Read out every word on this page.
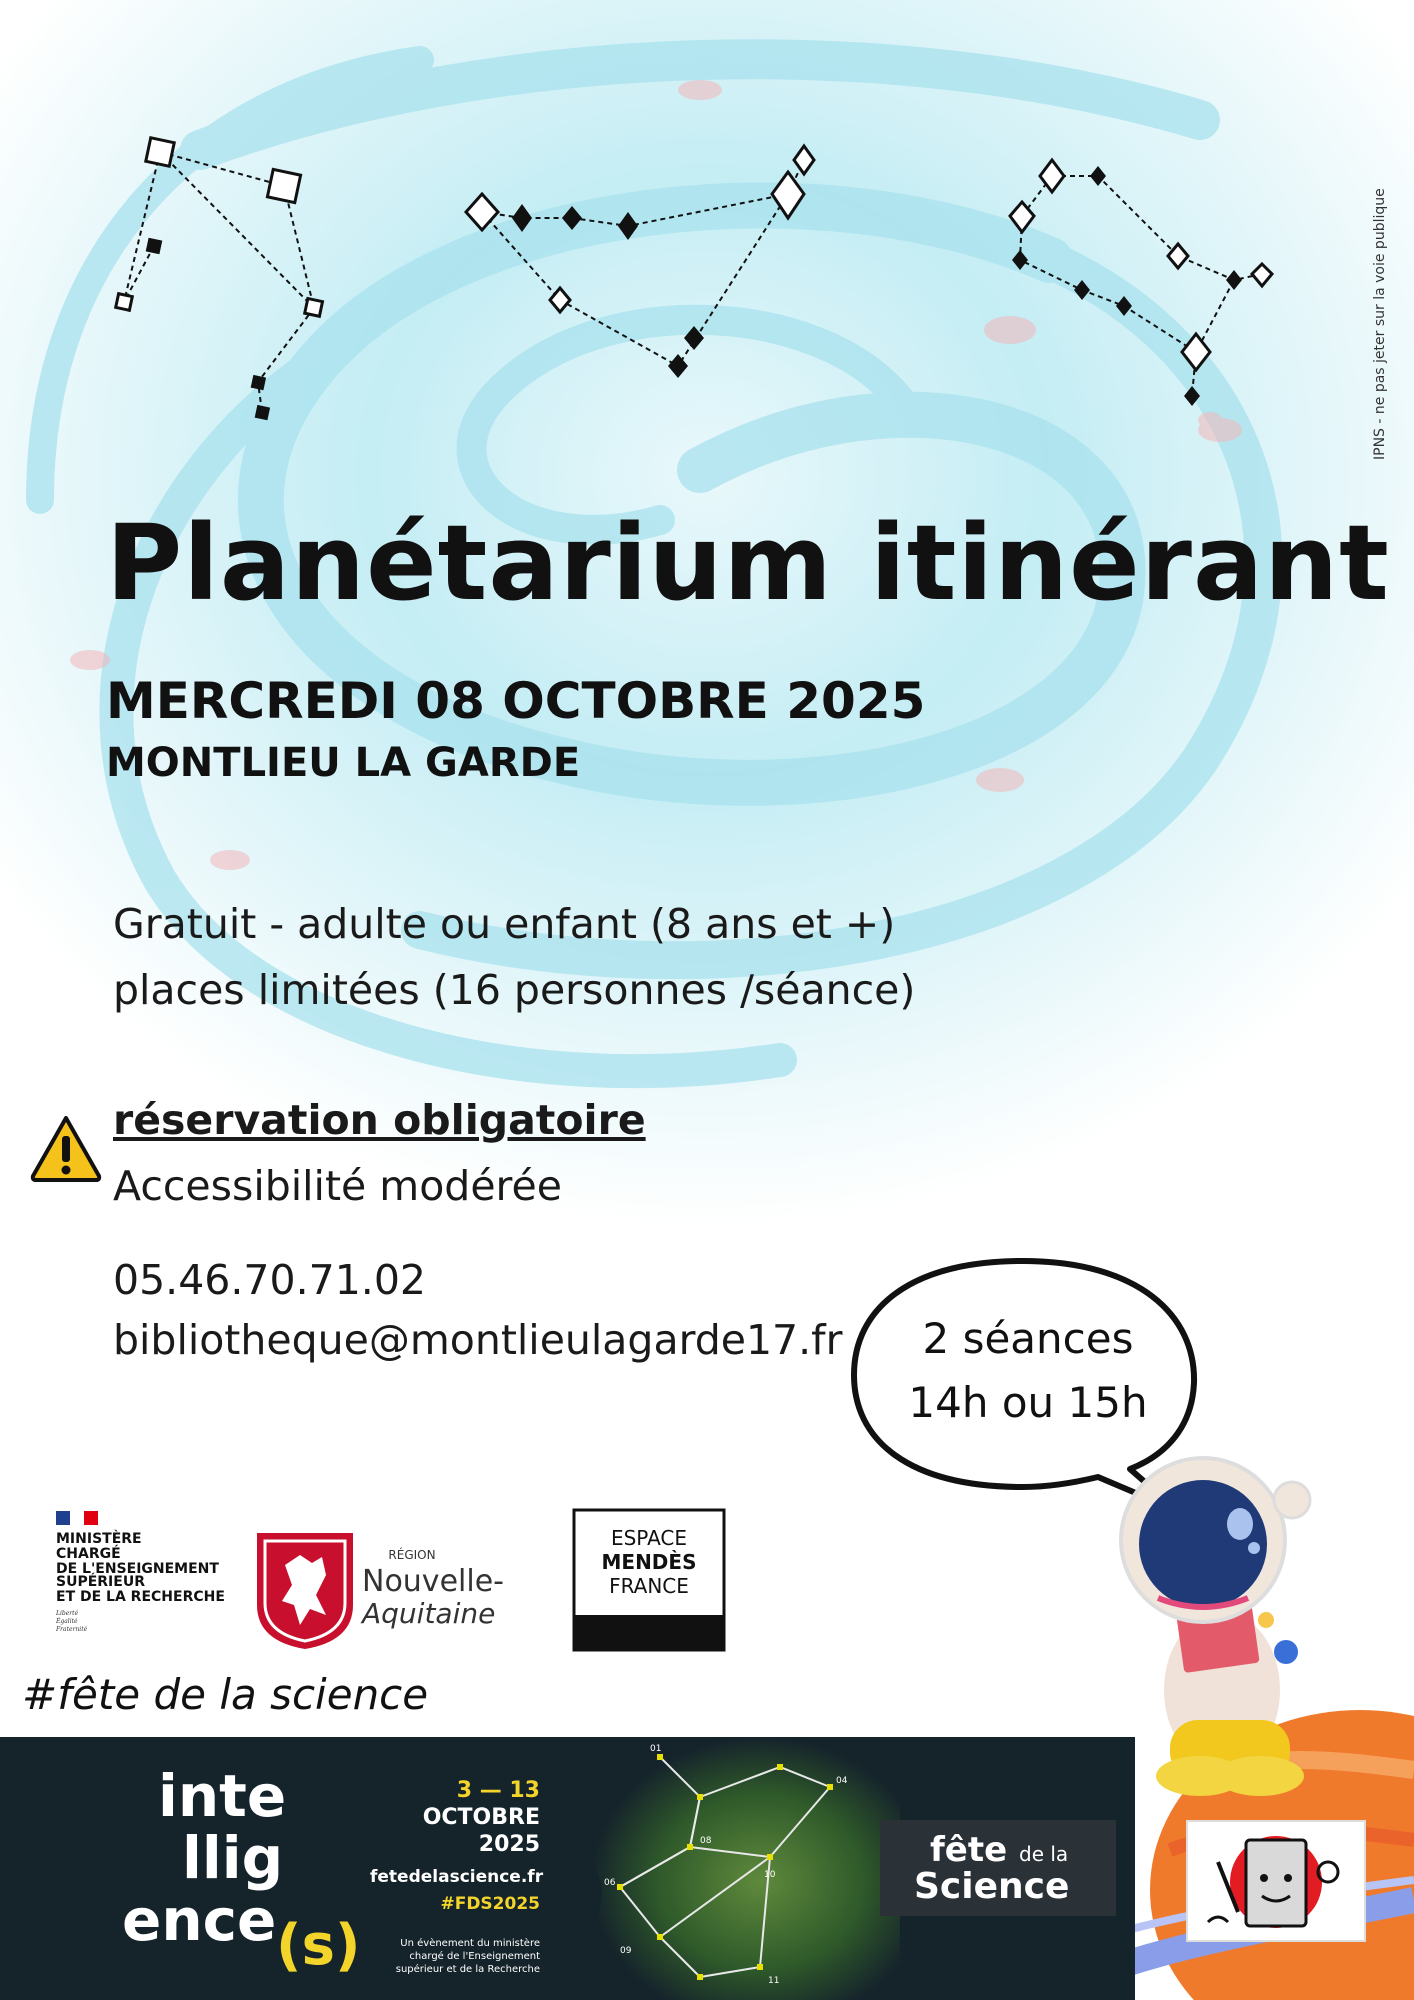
IPNS - ne pas jeter sur la voie publique
Planétarium itinérant
MERCREDI 08 OCTOBRE 2025
MONTLIEU LA GARDE
Gratuit - adulte ou enfant (8 ans et +)
places limitées (16 personnes /séance)
réservation obligatoire
Accessibilité modérée
05.46.70.71.02
bibliotheque@montlieulagarde17.fr 2 séances
14h ou 15h
MINISTÈRE
CHARGÉ
DE L'ENSEIGNEMENT
SUPÉRIEUR
ET DE LA RECHERCHE
Liberté
Égalité
Fraternité
RÉGION
Nouvelle-
Aquitaine
ESPACE
MENDÈS
FRANCE
#fête de la science
01
04
06
08
09
10
11
inte
llig
ence (s)
3 — 13
OCTOBRE
2025
fetedelascience.fr
#FDS2025
Un évènement du ministère
chargé de l'Enseignement
supérieur et de la Recherche
fête de la
Science
